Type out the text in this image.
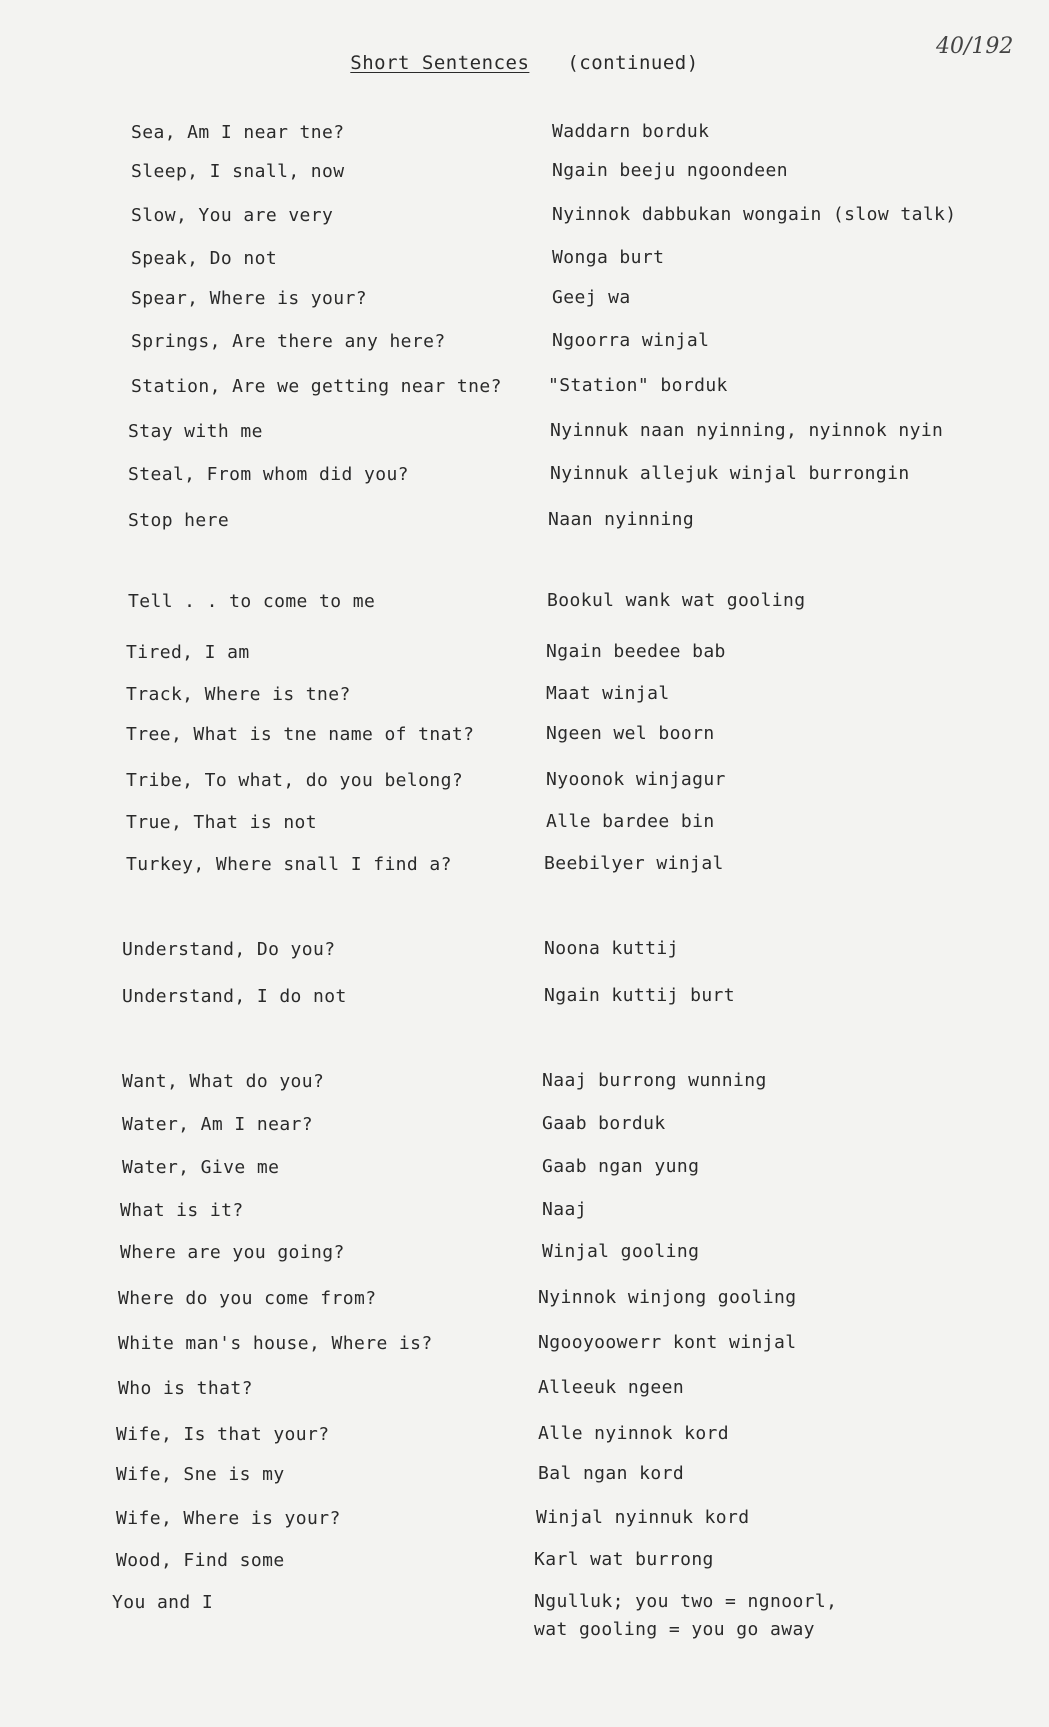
Short Sentences (continued)
40/192
Sea, Am I near tne?	Waddarn borduk
Sleep, I snall, now	Ngain beeju ngoondeen
Slow, You are very	Nyinnok dabbukan wongain (slow talk)
Speak, Do not	Wonga burt
Spear, Where is your?	Geej wa
Springs, Are there any here?	Ngoorra winjal
Station, Are we getting near tne?	"Station" borduk
Stay with me	Nyinnuk naan nyinning, nyinnok nyin
Steal, From whom did you?	Nyinnuk allejuk winjal burrongin
Stop here	Naan nyinning
Tell . . to come to me	Bookul wank wat gooling
Tired, I am	Ngain beedee bab
Track, Where is tne?	Maat winjal
Tree, What is tne name of tnat?	Ngeen wel boorn
Tribe, To what, do you belong?	Nyoonok winjagur
True, That is not	Alle bardee bin
Turkey, Where snall I find a?	Beebilyer winjal
Understand, Do you?	Noona kuttij
Understand, I do not	Ngain kuttij burt
Want, What do you?	Naaj burrong wunning
Water, Am I near?	Gaab borduk
Water, Give me	Gaab ngan yung
What is it?	Naaj
Where are you going?	Winjal gooling
Where do you come from?	Nyinnok winjong gooling
White man's house, Where is?	Ngooyoowerr kont winjal
Who is that?	Alleeuk ngeen
Wife, Is that your?	Alle nyinnok kord
Wife, Sne is my	Bal ngan kord
Wife, Where is your?	Winjal nyinnuk kord
Wood, Find some	Karl wat burrong
You and I	Ngulluk; you two = ngnoorl,
wat gooling = you go away
